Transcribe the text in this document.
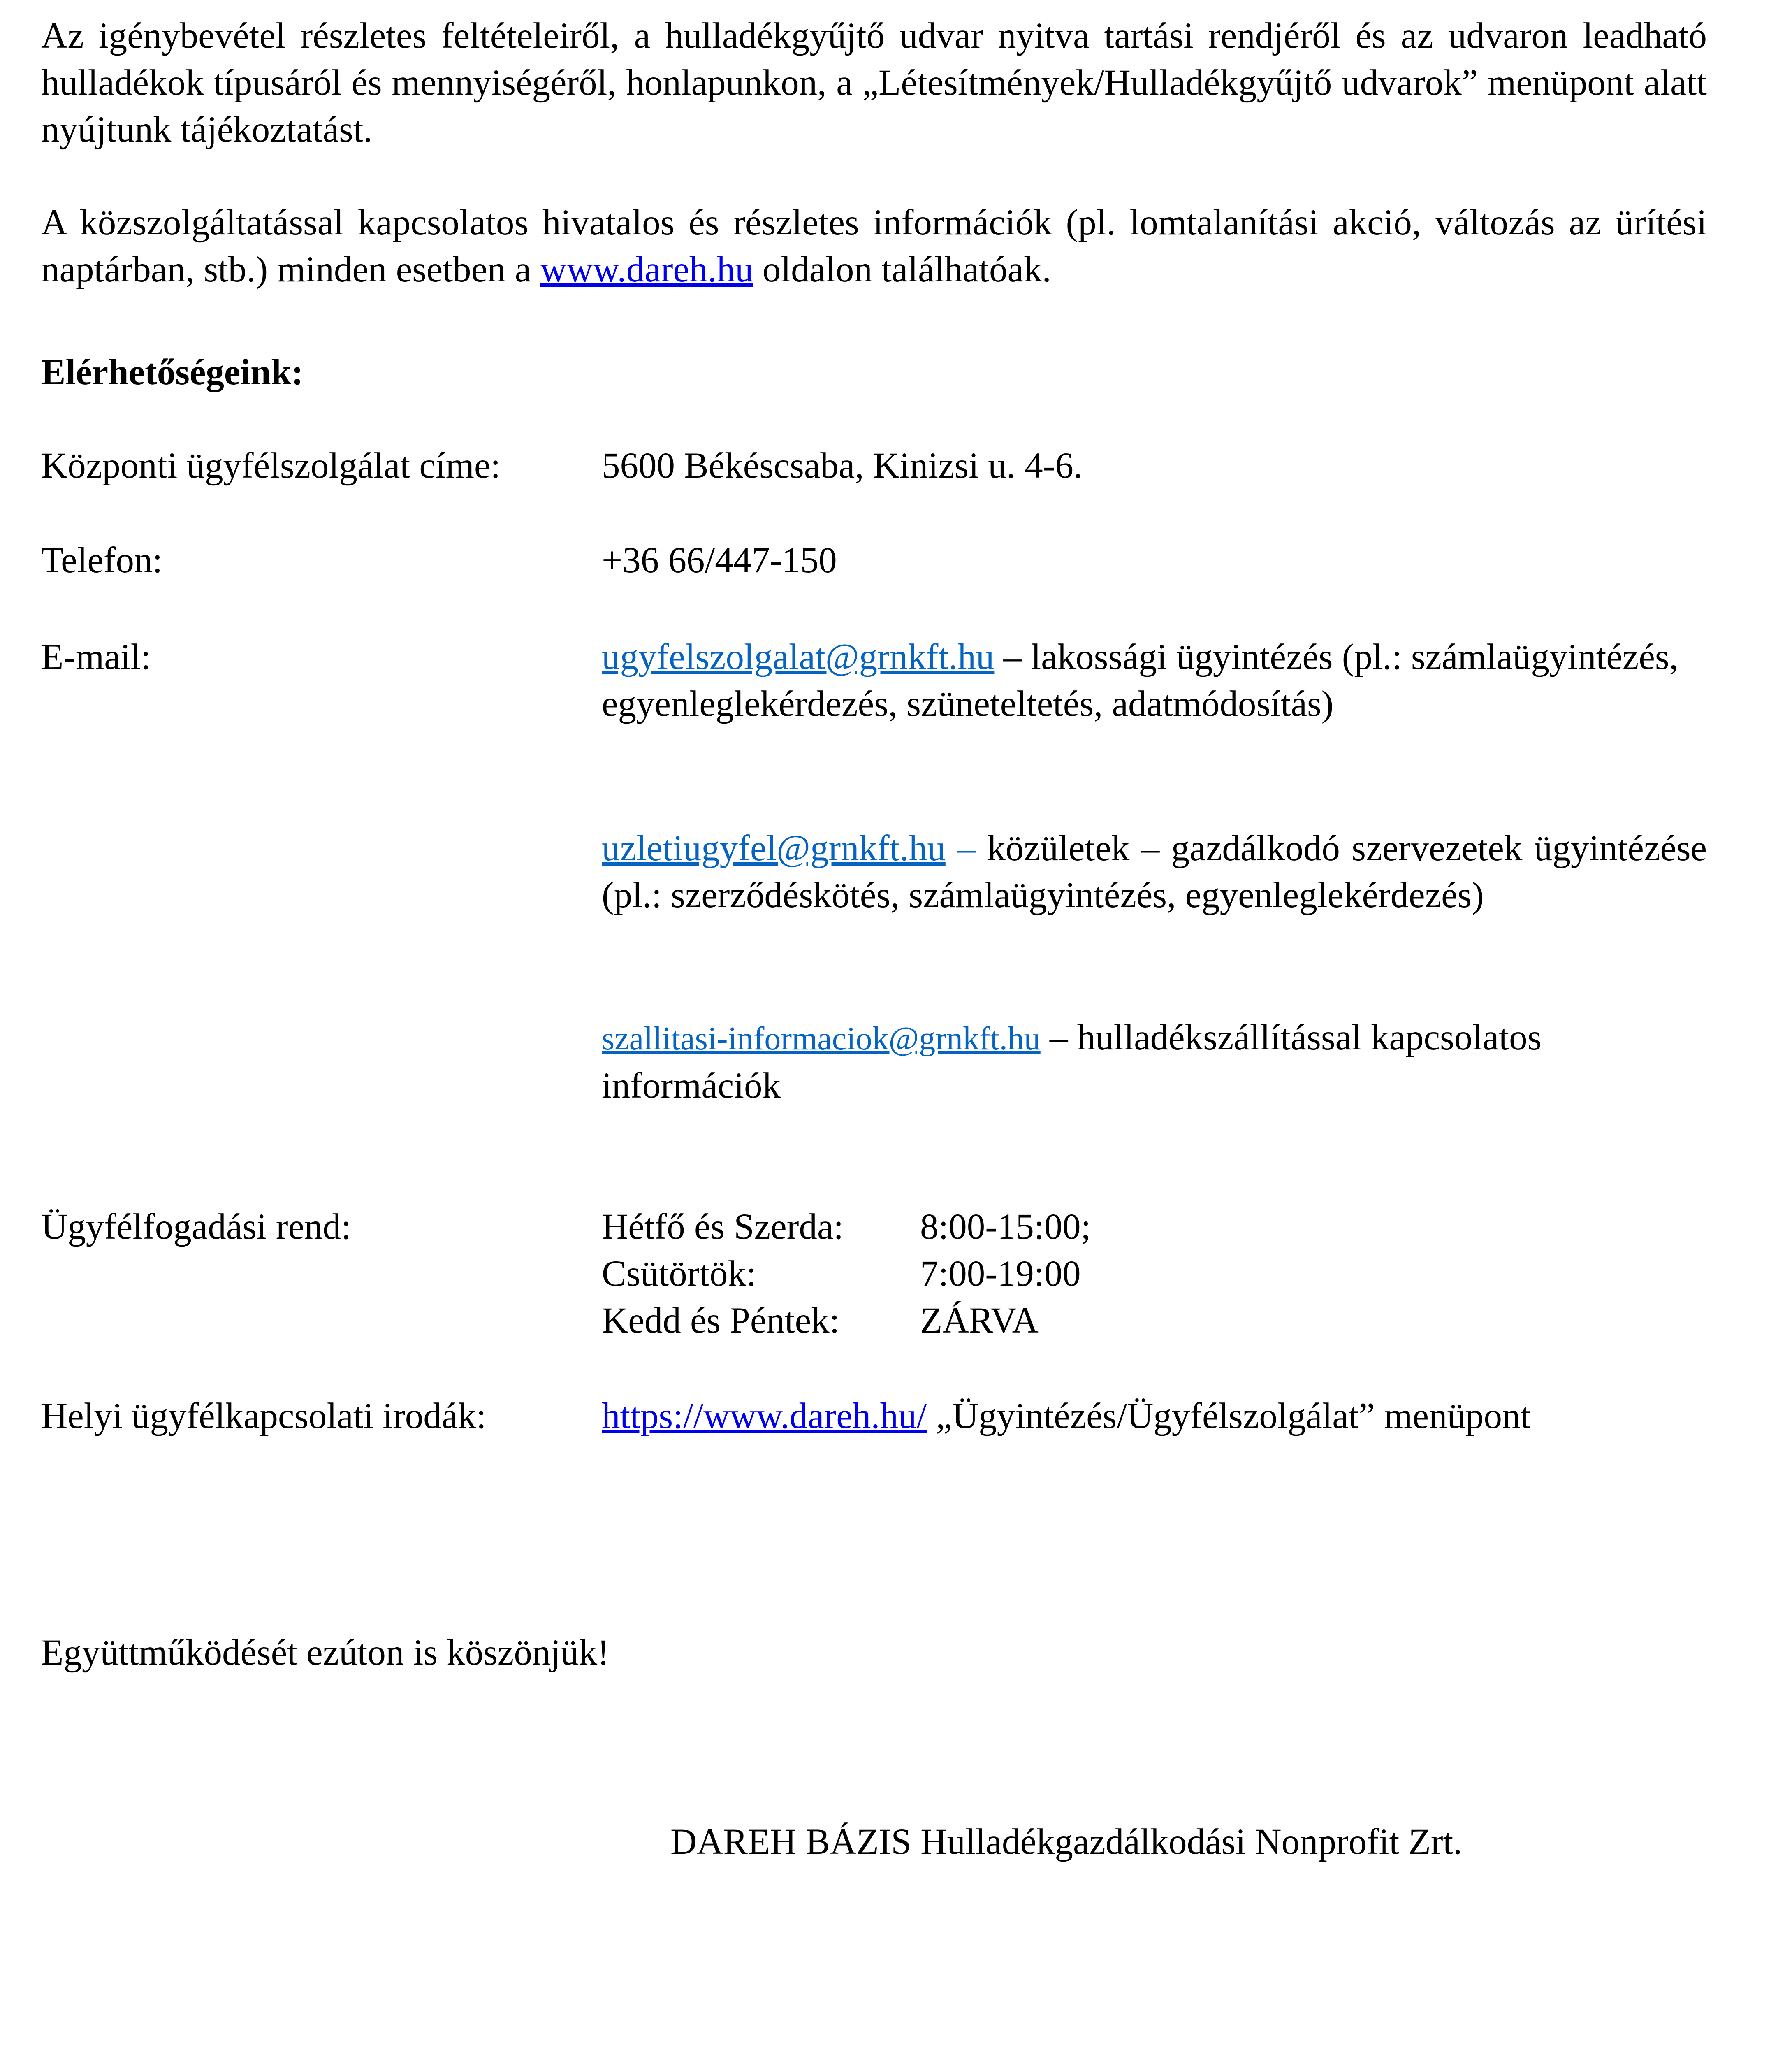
Az igénybevétel részletes feltételeiről, a hulladékgyűjtő udvar nyitva tartási rendjéről és az udvaron leadható hulladékok típusáról és mennyiségéről, honlapunkon, a „Létesítmények/Hulladékgyűjtő udvarok” menüpont alatt nyújtunk tájékoztatást.
A közszolgáltatással kapcsolatos hivatalos és részletes információk (pl. lomtalanítási akció, változás az ürítési naptárban, stb.) minden esetben a www.dareh.hu oldalon találhatóak.
Elérhetőségeink:
Központi ügyfélszolgálat címe:	5600 Békéscsaba, Kinizsi u. 4-6.
Telefon:	+36 66/447-150
E-mail:	ugyfelszolgalat@grnkft.hu – lakossági ügyintézés (pl.: számlaügyintézés, egyenleglekérdezés, szüneteltetés, adatmódosítás)
uzletiugyfel@grnkft.hu – közületek – gazdálkodó szervezetek ügyintézése (pl.: szerződéskötés, számlaügyintézés, egyenleglekérdezés)
szallitasi-informaciok@grnkft.hu – hulladékszállítással kapcsolatos információk
Ügyfélfogadási rend:	Hétfő és Szerda: 8:00-15:00;
Csütörtök:	7:00-19:00
Kedd és Péntek: ZÁRVA
Helyi ügyfélkapcsolati irodák:	https://www.dareh.hu/ „Ügyintézés/Ügyfélszolgálat” menüpont
Együttműködését ezúton is köszönjük!
DAREH BÁZIS Hulladékgazdálkodási Nonprofit Zrt.
